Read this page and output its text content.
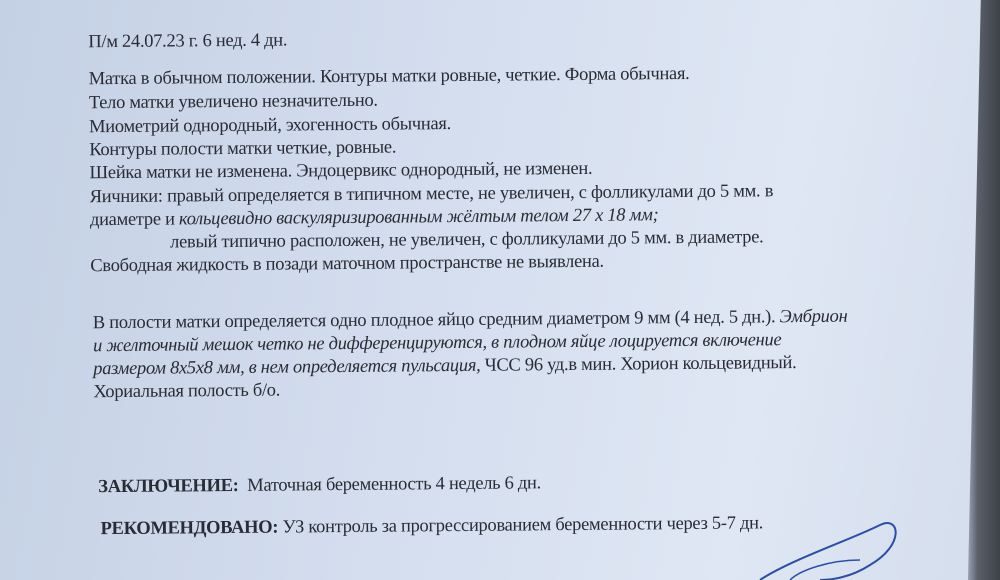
П/м 24.07.23 г. 6 нед. 4 дн.
Матка в обычном положении. Контуры матки ровные, четкие. Форма обычная.
Тело матки увеличено незначительно.
Миометрий однородный, эхогенность обычная.
Контуры полости матки четкие, ровные.
Шейка матки не изменена. Эндоцервикс однородный, не изменен.
Яичники: правый определяется в типичном месте, не увеличен, с фолликулами до 5 мм. в
диаметре и кольцевидно васкуляризированным жёлтым телом 27 х 18 мм;
левый типично расположен, не увеличен, с фолликулами до 5 мм. в диаметре.
Свободная жидкость в позади маточном пространстве не выявлена.
В полости матки определяется одно плодное яйцо средним диаметром 9 мм (4 нед. 5 дн.). Эмбрион
и желточный мешок четко не дифференцируются, в плодном яйце лоцируется включение
размером 8х5х8 мм, в нем определяется пульсация, ЧСС 96 уд.в мин. Хорион кольцевидный.
Хориальная полость б/о.
ЗАКЛЮЧЕНИЕ: Маточная беременность 4 недель 6 дн.
РЕКОМЕНДОВАНО: УЗ контроль за прогрессированием беременности через 5-7 дн.
